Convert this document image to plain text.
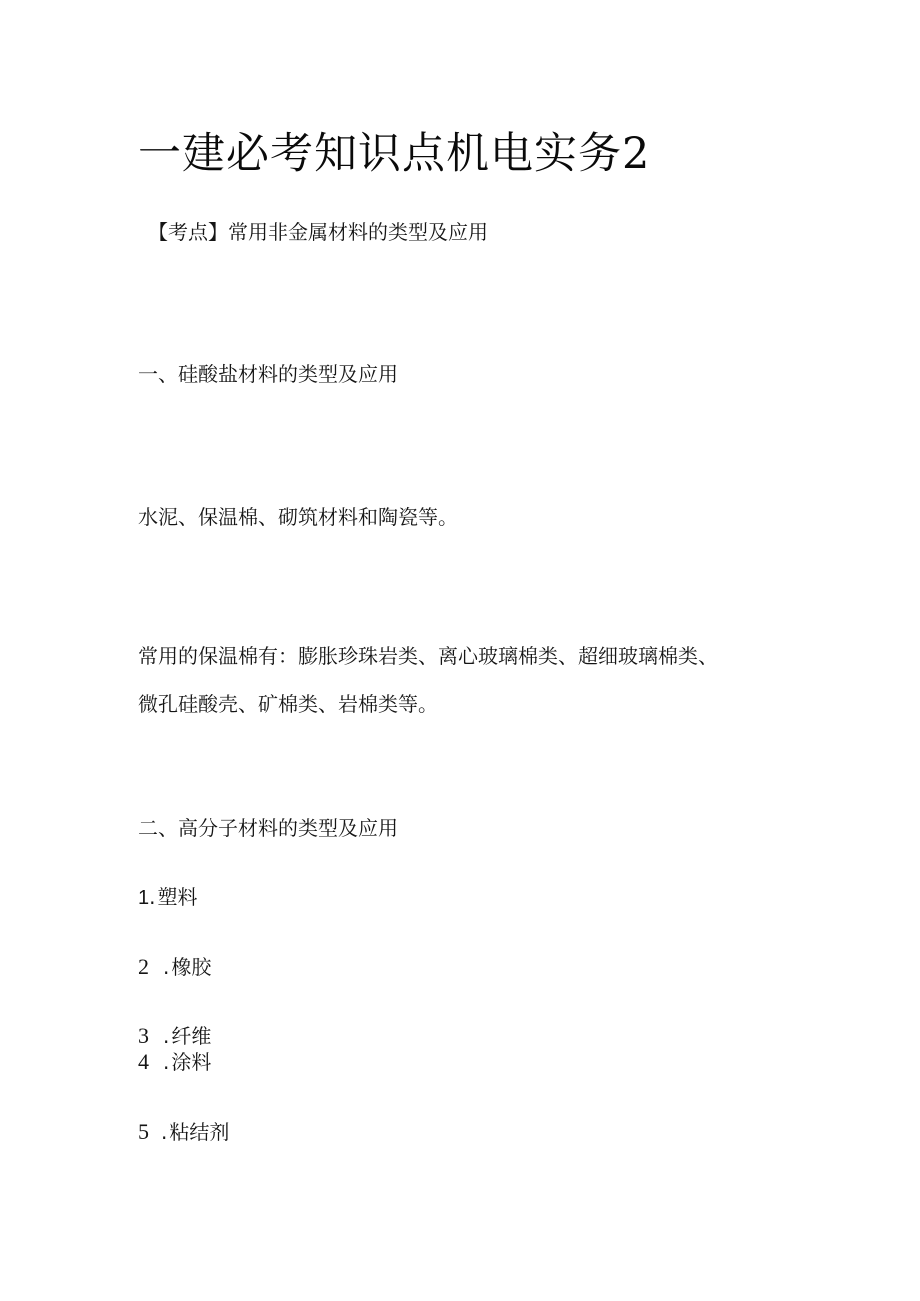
一建必考知识点机电实务2
【考点】常用非金属材料的类型及应用
一、硅酸盐材料的类型及应用
水泥、保温棉、砌筑材料和陶瓷等。
常用的保温棉有：膨胀珍珠岩类、离心玻璃棉类、超细玻璃棉类、
微孔硅酸壳、矿棉类、岩棉类等。
二、高分子材料的类型及应用
1. 塑料
2 . 橡胶
3 . 纤维
4 . 涂料
5 . 粘结剂
